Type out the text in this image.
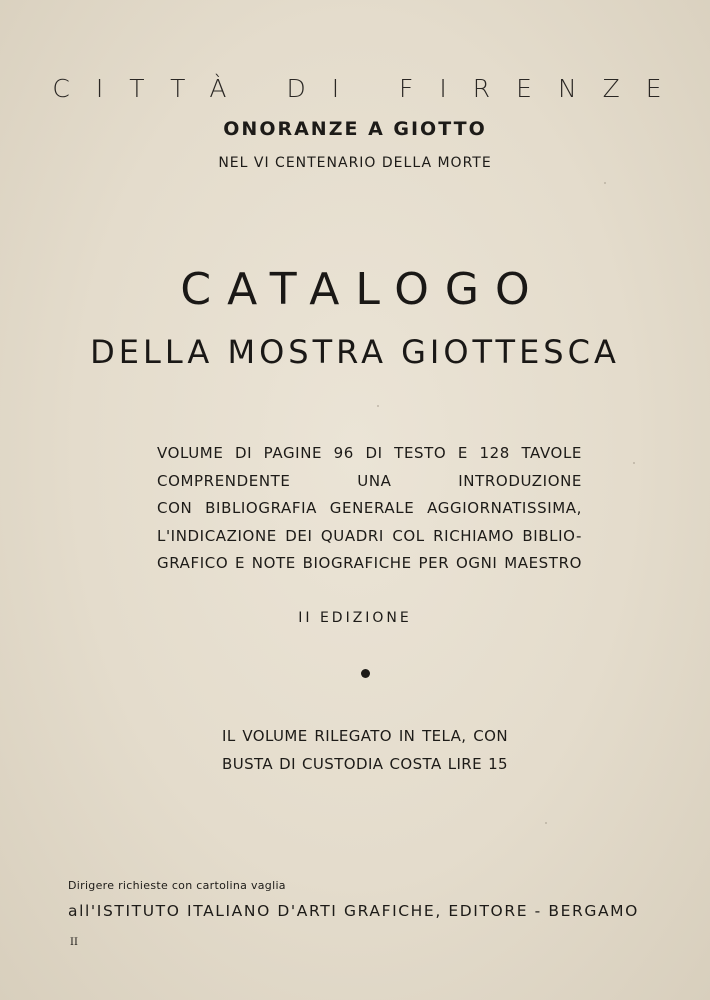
CITTÀ DI FIRENZE
ONORANZE A GIOTTO
NEL VI CENTENARIO DELLA MORTE
CATALOGO
DELLA MOSTRA GIOTTESCA
VOLUME DI PAGINE 96 DI TESTO E 128 TAVOLE
COMPRENDENTE UNA INTRODUZIONE
CON BIBLIOGRAFIA GENERALE AGGIORNATISSIMA,
L'INDICAZIONE DEI QUADRI COL RICHIAMO BIBLIO-
GRAFICO E NOTE BIOGRAFICHE PER OGNI MAESTRO
II EDIZIONE
IL VOLUME RILEGATO IN TELA, CON
BUSTA DI CUSTODIA COSTA LIRE 15
Dirigere richieste con cartolina vaglia
all'ISTITUTO ITALIANO D'ARTI GRAFICHE, EDITORE - BERGAMO
II
